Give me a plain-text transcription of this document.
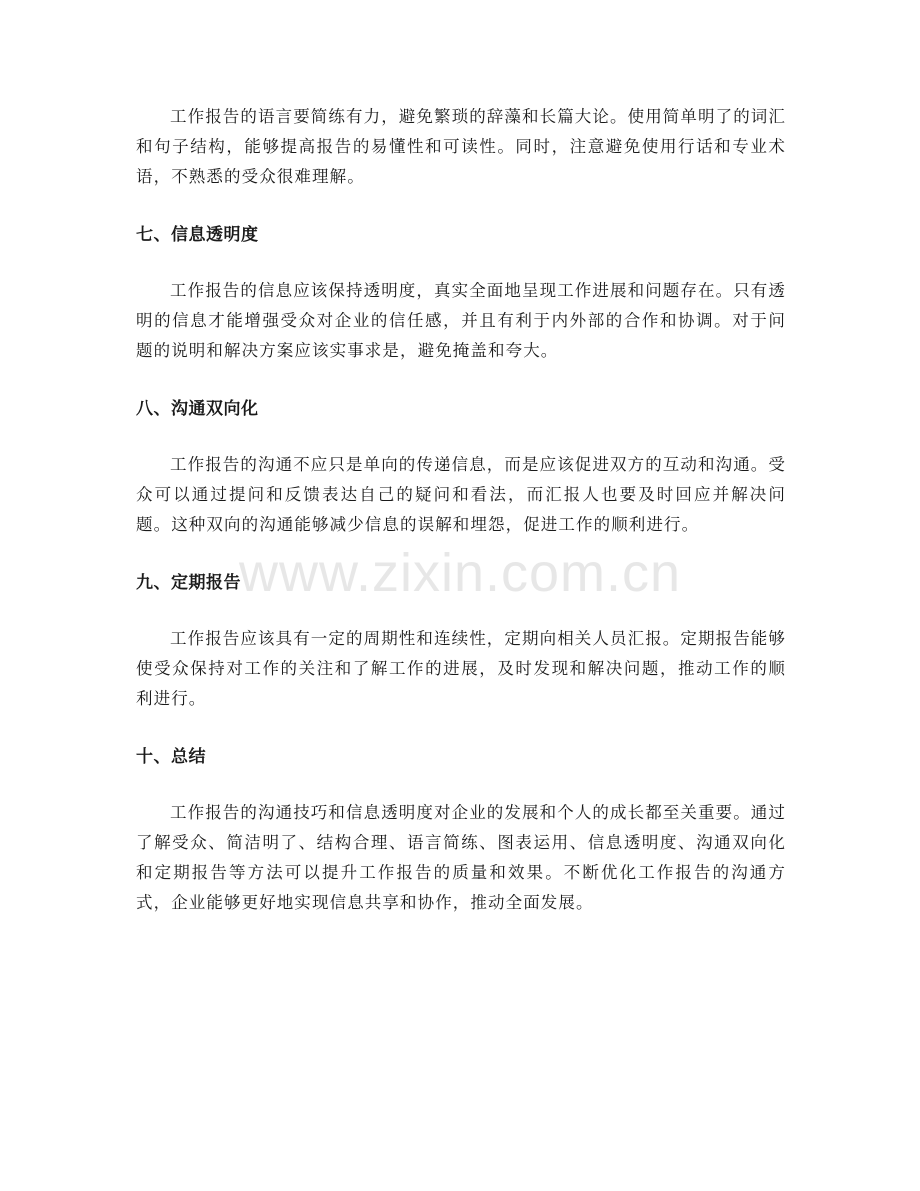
工作报告的语言要简练有力，避免繁琐的辞藻和长篇大论。使用简单明了的词汇和句子结构，能够提高报告的易懂性和可读性。同时，注意避免使用行话和专业术语，不熟悉的受众很难理解。

七、信息透明度

工作报告的信息应该保持透明度，真实全面地呈现工作进展和问题存在。只有透明的信息才能增强受众对企业的信任感，并且有利于内外部的合作和协调。对于问题的说明和解决方案应该实事求是，避免掩盖和夸大。

八、沟通双向化

工作报告的沟通不应只是单向的传递信息，而是应该促进双方的互动和沟通。受众可以通过提问和反馈表达自己的疑问和看法，而汇报人也要及时回应并解决问题。这种双向的沟通能够减少信息的误解和埋怨，促进工作的顺利进行。

九、定期报告

工作报告应该具有一定的周期性和连续性，定期向相关人员汇报。定期报告能够使受众保持对工作的关注和了解工作的进展，及时发现和解决问题，推动工作的顺利进行。

十、总结

工作报告的沟通技巧和信息透明度对企业的发展和个人的成长都至关重要。通过了解受众、简洁明了、结构合理、语言简练、图表运用、信息透明度、沟通双向化和定期报告等方法可以提升工作报告的质量和效果。不断优化工作报告的沟通方式，企业能够更好地实现信息共享和协作，推动全面发展。

www.zixin.com.cn
